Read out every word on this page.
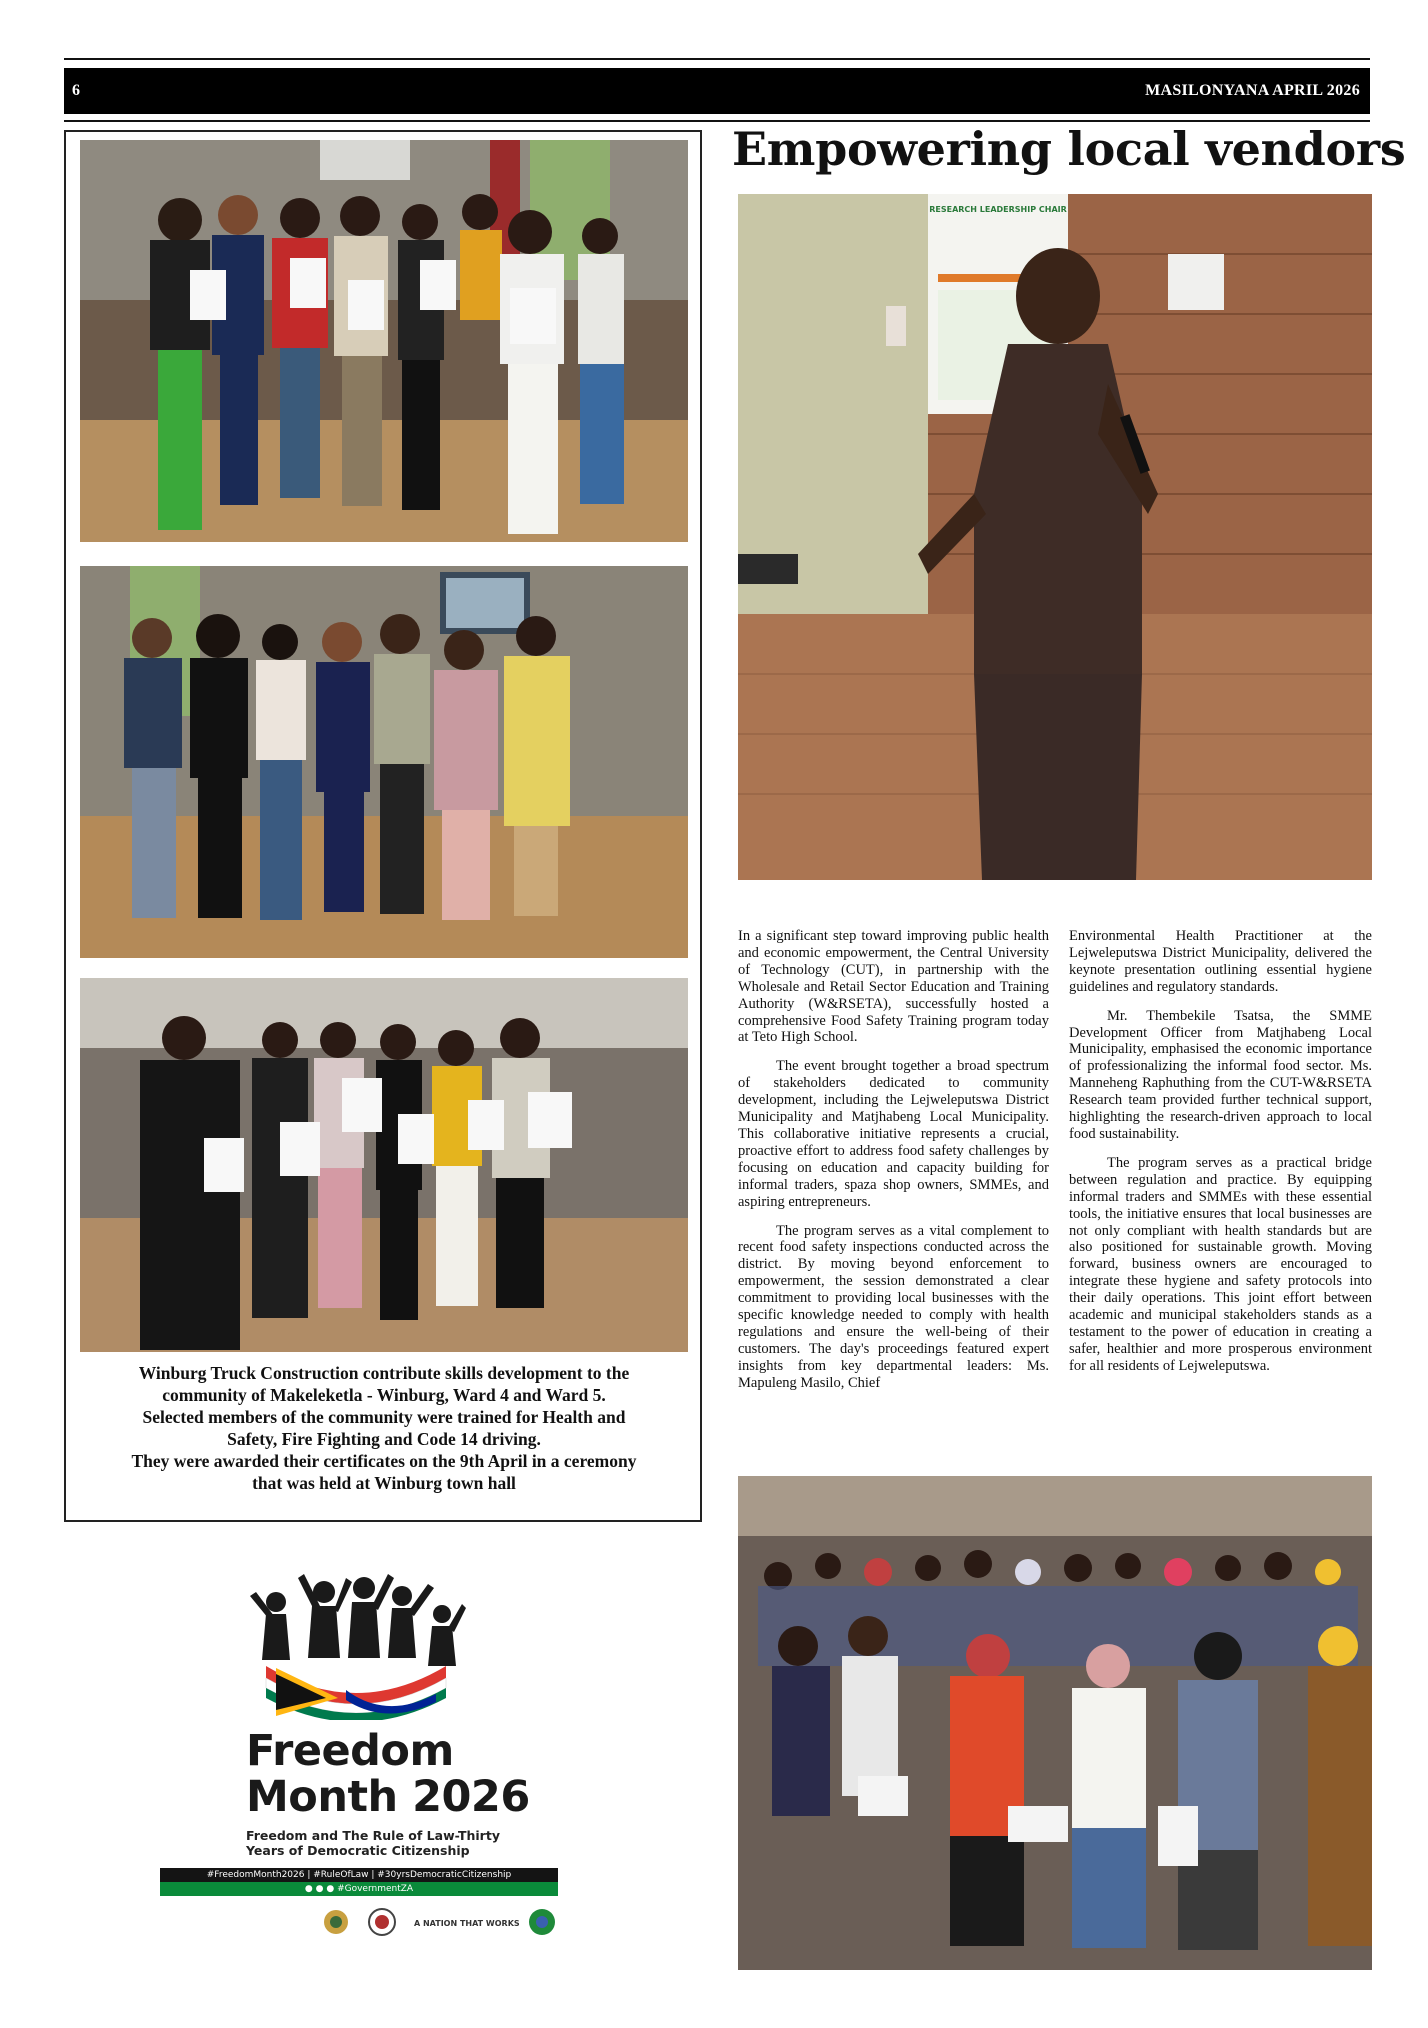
6	MASILONYANA APRIL 2026
Winburg Truck Construction contribute skills development to the
community of Makeleketla - Winburg, Ward 4 and Ward 5.
Selected members of the community were trained for Health and
Safety, Fire Fighting and Code 14 driving.
They were awarded their certificates on the 9th April in a ceremony
that was held at Winburg town hall
Freedom
Month 2026
Freedom and The Rule of Law-Thirty
Years of Democratic Citizenship
#FreedomMonth2026 | #RuleOfLaw | #30yrsDemocraticCitizenship
● ● ● #GovernmentZA
A NATION THAT WORKS
Empowering local vendors
RESEARCH LEADERSHIP CHAIR

In a significant step toward improving public health and economic empowerment, the Central University of Technology (CUT), in partnership with the Wholesale and Retail Sector Education and Training Authority (W&RSETA), successfully hosted a comprehensive Food Safety Training program today at Teto High School.

The event brought together a broad spectrum of stakeholders dedicated to community development, including the Lejweleputswa District Municipality and Matjhabeng Local Municipality. This collaborative initiative represents a crucial, proactive effort to address food safety challenges by focusing on education and capacity building for informal traders, spaza shop owners, SMMEs, and aspiring entrepreneurs.

The program serves as a vital complement to recent food safety inspections conducted across the district. By moving beyond enforcement to empowerment, the session demonstrated a clear commitment to providing local businesses with the specific knowledge needed to comply with health regulations and ensure the well-being of their customers. The day's proceedings featured expert insights from key departmental leaders: Ms. Mapuleng Masilo, Chief

Environmental Health Practitioner at the Lejweleputswa District Municipality, delivered the keynote presentation outlining essential hygiene guidelines and regulatory standards.

Mr. Thembekile Tsatsa, the SMME Development Officer from Matjhabeng Local Municipality, emphasised the economic importance of professionalizing the informal food sector. Ms. Manneheng Raphuthing from the CUT-W&RSETA Research team provided further technical support, highlighting the research-driven approach to local food sustainability.

The program serves as a practical bridge between regulation and practice. By equipping informal traders and SMMEs with these essential tools, the initiative ensures that local businesses are not only compliant with health standards but are also positioned for sustainable growth. Moving forward, business owners are encouraged to integrate these hygiene and safety protocols into their daily operations. This joint effort between academic and municipal stakeholders stands as a testament to the power of education in creating a safer, healthier and more prosperous environment for all residents of Lejweleputswa.
